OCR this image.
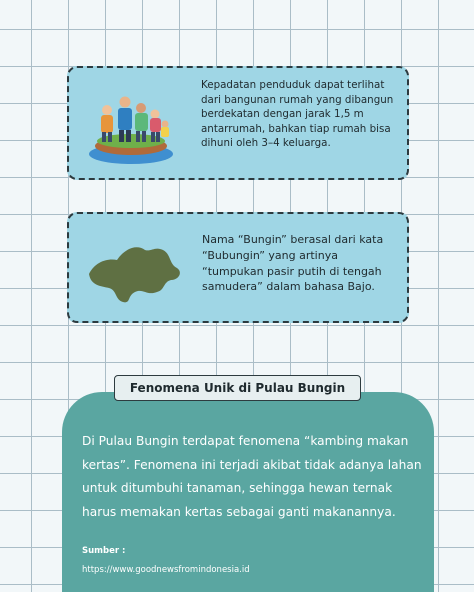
Kepadatan penduduk dapat terlihat dari bangunan rumah yang dibangun berdekatan dengan jarak 1,5 m antarrumah, bahkan tiap rumah bisa dihuni oleh 3–4 keluarga.
Nama “Bungin” berasal dari kata “Bubungin” yang artinya “tumpukan pasir putih di tengah samudera” dalam bahasa Bajo.
Fenomena Unik di Pulau Bungin
Di Pulau Bungin terdapat fenomena “kambing makan kertas”. Fenomena ini terjadi akibat tidak adanya lahan untuk ditumbuhi tanaman, sehingga hewan ternak harus memakan kertas sebagai ganti makanannya.
Sumber :
https://www.goodnewsfromindonesia.id
